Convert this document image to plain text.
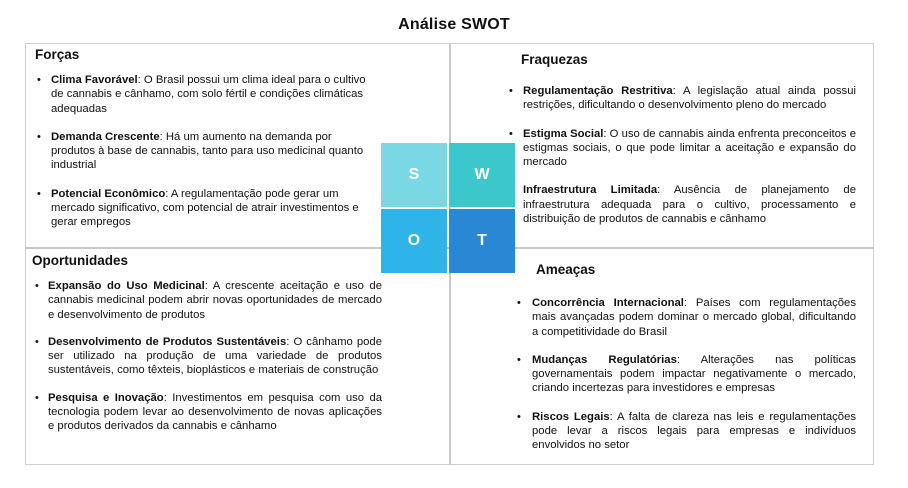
Análise SWOT
Forças
• Clima Favorável: O Brasil possui um clima ideal para o cultivo de cannabis e cânhamo, com solo fértil e condições climáticas adequadas
• Demanda Crescente: Há um aumento na demanda por produtos à base de cannabis, tanto para uso medicinal quanto industrial
• Potencial Econômico: A regulamentação pode gerar um mercado significativo, com potencial de atrair investimentos e gerar empregos
Fraquezas
• Regulamentação Restritiva: A legislação atual ainda possui restrições, dificultando o desenvolvimento pleno do mercado
• Estigma Social: O uso de cannabis ainda enfrenta preconceitos e estigmas sociais, o que pode limitar a aceitação e expansão do mercado
• Infraestrutura Limitada: Ausência de planejamento de infraestrutura adequada para o cultivo, processamento e distribuição de produtos de cannabis e cânhamo
Oportunidades
• Expansão do Uso Medicinal: A crescente aceitação e uso de cannabis medicinal podem abrir novas oportunidades de mercado e desenvolvimento de produtos
• Desenvolvimento de Produtos Sustentáveis: O cânhamo pode ser utilizado na produção de uma variedade de produtos sustentáveis, como têxteis, bioplásticos e materiais de construção
• Pesquisa e Inovação: Investimentos em pesquisa com uso da tecnologia podem levar ao desenvolvimento de novas aplicações e produtos derivados da cannabis e cânhamo
Ameaças
• Concorrência Internacional: Países com regulamentações mais avançadas podem dominar o mercado global, dificultando a competitividade do Brasil
• Mudanças Regulatórias: Alterações nas políticas governamentais podem impactar negativamente o mercado, criando incertezas para investidores e empresas
• Riscos Legais: A falta de clareza nas leis e regulamentações pode levar a riscos legais para empresas e indivíduos envolvidos no setor
S	W
O	T
